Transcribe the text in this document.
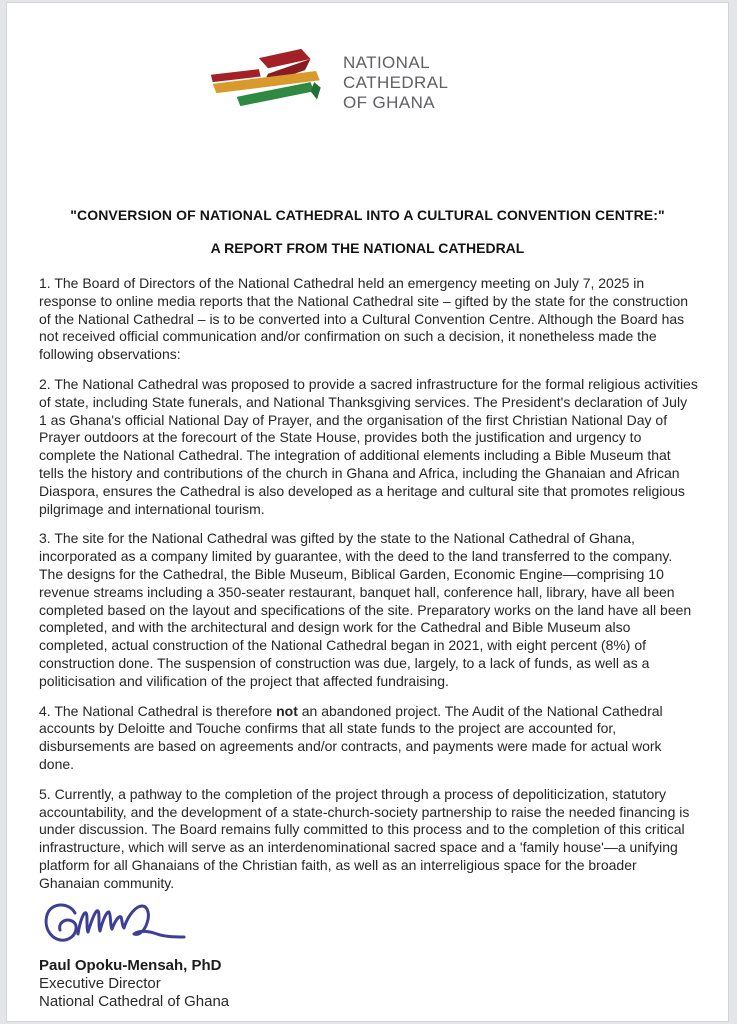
NATIONAL
CATHEDRAL
OF GHANA
"CONVERSION OF NATIONAL CATHEDRAL INTO A CULTURAL CONVENTION CENTRE:"
A REPORT FROM THE NATIONAL CATHEDRAL

1. The Board of Directors of the National Cathedral held an emergency meeting on July 7, 2025 in response to online media reports that the National Cathedral site – gifted by the state for the construction of the National Cathedral – is to be converted into a Cultural Convention Centre. Although the Board has not received official communication and/or confirmation on such a decision, it nonetheless made the following observations:

2. The National Cathedral was proposed to provide a sacred infrastructure for the formal religious activities of state, including State funerals, and National Thanksgiving services. The President's declaration of July 1 as Ghana's official National Day of Prayer, and the organisation of the first Christian National Day of Prayer outdoors at the forecourt of the State House, provides both the justification and urgency to complete the National Cathedral. The integration of additional elements including a Bible Museum that tells the history and contributions of the church in Ghana and Africa, including the Ghanaian and African Diaspora, ensures the Cathedral is also developed as a heritage and cultural site that promotes religious pilgrimage and international tourism.

3. The site for the National Cathedral was gifted by the state to the National Cathedral of Ghana, incorporated as a company limited by guarantee, with the deed to the land transferred to the company. The designs for the Cathedral, the Bible Museum, Biblical Garden, Economic Engine—comprising 10 revenue streams including a 350-seater restaurant, banquet hall, conference hall, library, have all been completed based on the layout and specifications of the site. Preparatory works on the land have all been completed, and with the architectural and design work for the Cathedral and Bible Museum also completed, actual construction of the National Cathedral began in 2021, with eight percent (8%) of construction done. The suspension of construction was due, largely, to a lack of funds, as well as a politicisation and vilification of the project that affected fundraising.

4. The National Cathedral is therefore not an abandoned project. The Audit of the National Cathedral accounts by Deloitte and Touche confirms that all state funds to the project are accounted for, disbursements are based on agreements and/or contracts, and payments were made for actual work done.

5. Currently, a pathway to the completion of the project through a process of depoliticization, statutory accountability, and the development of a state-church-society partnership to raise the needed financing is under discussion. The Board remains fully committed to this process and to the completion of this critical infrastructure, which will serve as an interdenominational sacred space and a 'family house'—a unifying platform for all Ghanaians of the Christian faith, as well as an interreligious space for the broader Ghanaian community.

Paul Opoku-Mensah, PhD
Executive Director
National Cathedral of Ghana
